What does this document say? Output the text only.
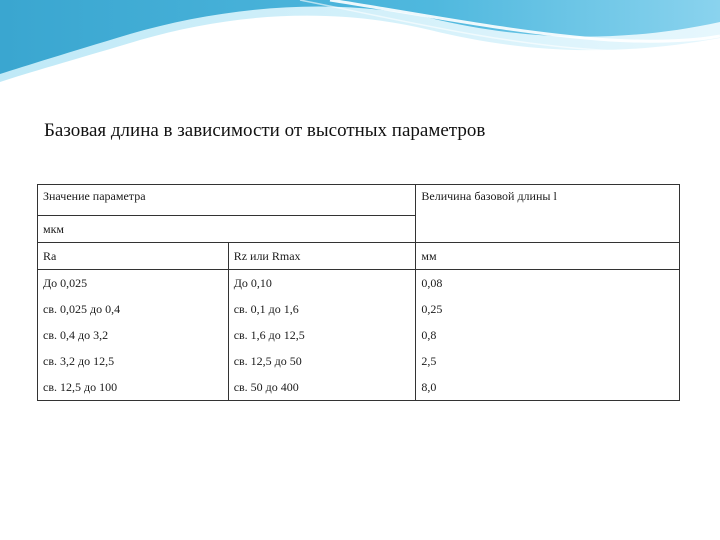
Базовая длина в зависимости от высотных параметров
Значение параметра		Величина базовой длины l
мкм		
Ra	Rz или Rmax	мм
До 0,025	До 0,10	0,08
св. 0,025 до 0,4	св. 0,1 до 1,6	0,25
св. 0,4 до 3,2	св. 1,6 до 12,5	0,8
св. 3,2 до 12,5	св. 12,5 до 50	2,5
св. 12,5 до 100	св. 50 до 400	8,0
